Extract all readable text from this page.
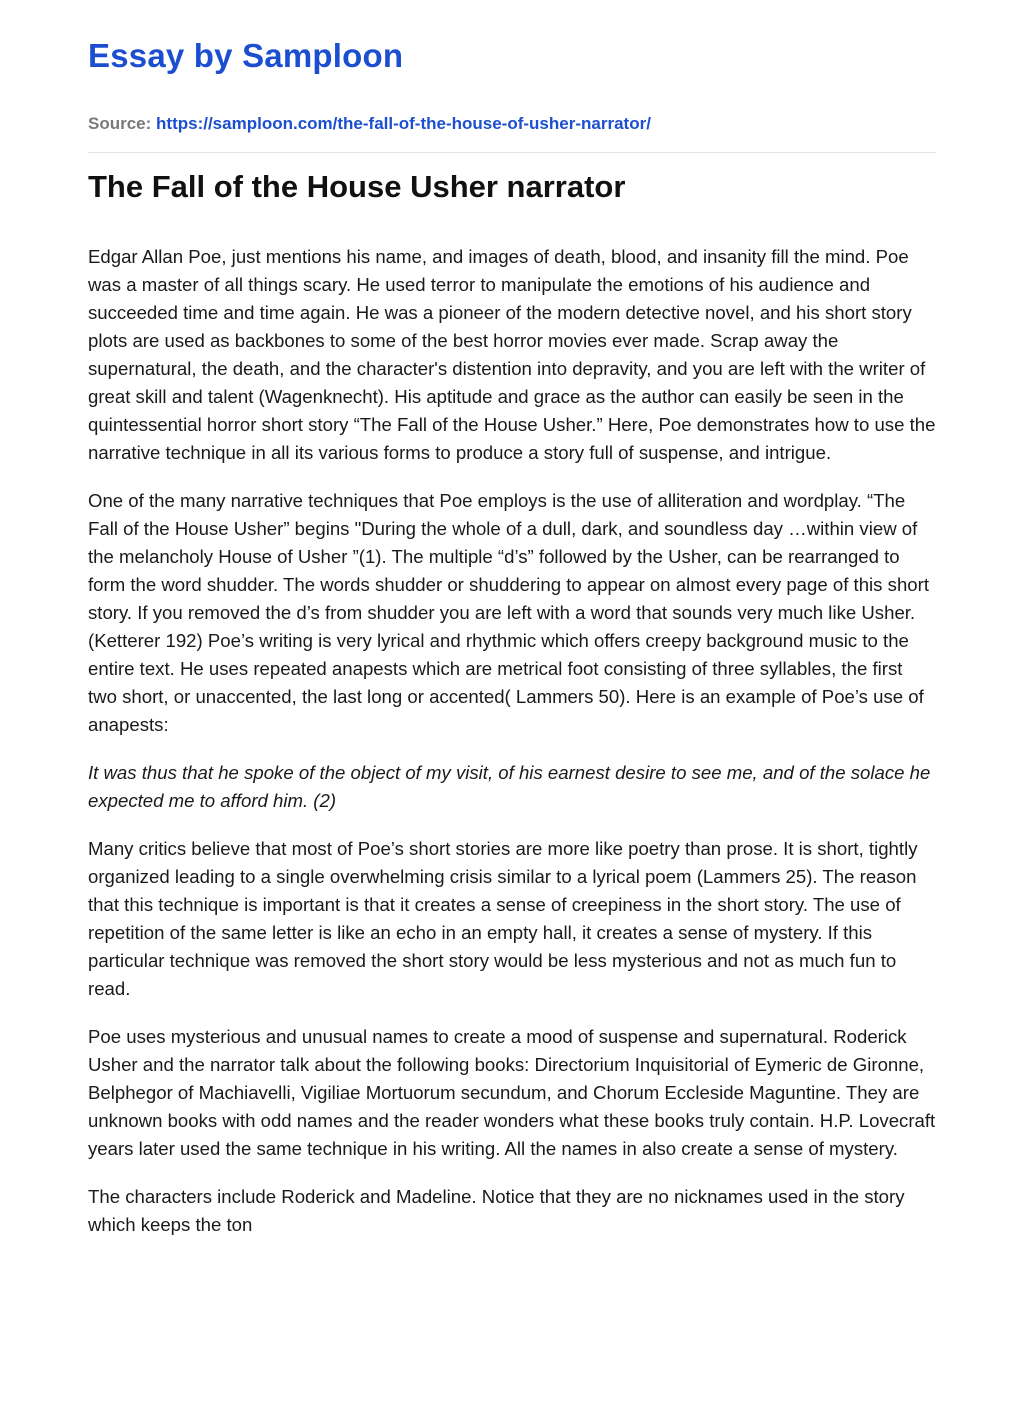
Essay by Samploon
Source: https://samploon.com/the-fall-of-the-house-of-usher-narrator/
The Fall of the House Usher narrator

Edgar Allan Poe, just mentions his name, and images of death, blood, and insanity fill the mind. Poe was a master of all things scary. He used terror to manipulate the emotions of his audience and succeeded time and time again. He was a pioneer of the modern detective novel, and his short story plots are used as backbones to some of the best horror movies ever made. Scrap away the supernatural, the death, and the character's distention into depravity, and you are left with the writer of great skill and talent (Wagenknecht). His aptitude and grace as the author can easily be seen in the quintessential horror short story “The Fall of the House Usher.” Here, Poe demonstrates how to use the narrative technique in all its various forms to produce a story full of suspense, and intrigue.

One of the many narrative techniques that Poe employs is the use of alliteration and wordplay. “The Fall of the House Usher” begins "During the whole of a dull, dark, and soundless day …within view of the melancholy House of Usher ”(1). The multiple “d’s” followed by the Usher, can be rearranged to form the word shudder. The words shudder or shuddering to appear on almost every page of this short story. If you removed the d’s from shudder you are left with a word that sounds very much like Usher. (Ketterer 192) Poe’s writing is very lyrical and rhythmic which offers creepy background music to the entire text. He uses repeated anapests which are metrical foot consisting of three syllables, the first two short, or unaccented, the last long or accented( Lammers 50). Here is an example of Poe’s use of anapests:

It was thus that he spoke of the object of my visit, of his earnest desire to see me, and of the solace he expected me to afford him. (2)

Many critics believe that most of Poe’s short stories are more like poetry than prose. It is short, tightly organized leading to a single overwhelming crisis similar to a lyrical poem (Lammers 25). The reason that this technique is important is that it creates a sense of creepiness in the short story. The use of repetition of the same letter is like an echo in an empty hall, it creates a sense of mystery. If this particular technique was removed the short story would be less mysterious and not as much fun to read.

Poe uses mysterious and unusual names to create a mood of suspense and supernatural. Roderick Usher and the narrator talk about the following books: Directorium Inquisitorial of Eymeric de Gironne, Belphegor of Machiavelli, Vigiliae Mortuorum secundum, and Chorum Eccleside Maguntine. They are unknown books with odd names and the reader wonders what these books truly contain. H.P. Lovecraft years later used the same technique in his writing. All the names in also create a sense of mystery.

The characters include Roderick and Madeline. Notice that they are no nicknames used in the story which keeps the ton
